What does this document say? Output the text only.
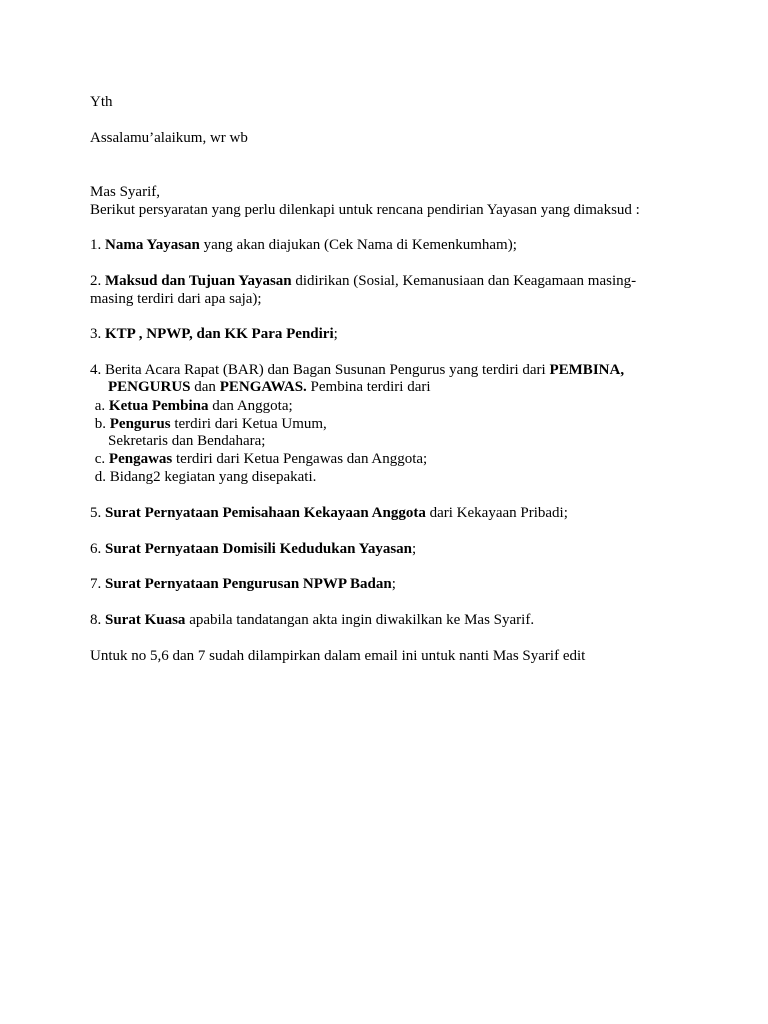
Yth
Assalamu’alaikum, wr wb
Mas Syarif,
Berikut persyaratan yang perlu dilenkapi untuk rencana pendirian Yayasan yang dimaksud :
1. Nama Yayasan yang akan diajukan (Cek Nama di Kemenkumham);
2. Maksud dan Tujuan Yayasan didirikan (Sosial, Kemanusiaan dan Keagamaan masing-
masing terdiri dari apa saja);
3. KTP , NPWP, dan KK Para Pendiri;
4. Berita Acara Rapat (BAR) dan Bagan Susunan Pengurus yang terdiri dari PEMBINA,
PENGURUS dan PENGAWAS. Pembina terdiri dari
a. Ketua Pembina dan Anggota;
b. Pengurus terdiri dari Ketua Umum,
Sekretaris dan Bendahara;
c. Pengawas terdiri dari Ketua Pengawas dan Anggota;
d. Bidang2 kegiatan yang disepakati.
5. Surat Pernyataan Pemisahaan Kekayaan Anggota dari Kekayaan Pribadi;
6. Surat Pernyataan Domisili Kedudukan Yayasan;
7. Surat Pernyataan Pengurusan NPWP Badan;
8. Surat Kuasa apabila tandatangan akta ingin diwakilkan ke Mas Syarif.
Untuk no 5,6 dan 7 sudah dilampirkan dalam email ini untuk nanti Mas Syarif edit
